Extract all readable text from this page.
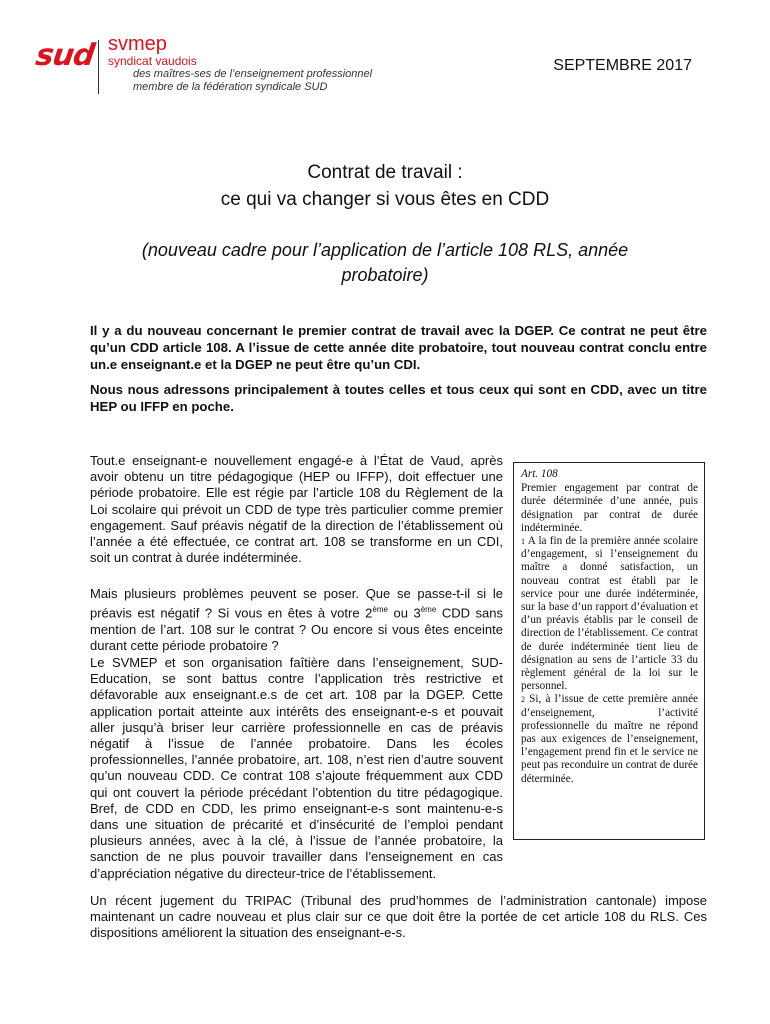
sud svmep
syndicat vaudois
des maîtres-ses de l’enseignement professionnel
membre de la fédération syndicale SUD
SEPTEMBRE 2017
Contrat de travail :
ce qui va changer si vous êtes en CDD
(nouveau cadre pour l’application de l’article 108 RLS, année probatoire)

Il y a du nouveau concernant le premier contrat de travail avec la DGEP. Ce contrat ne peut être qu’un CDD article 108. A l’issue de cette année dite probatoire, tout nouveau contrat conclu entre un.e enseignant.e et la DGEP ne peut être qu’un CDI.

Nous nous adressons principalement à toutes celles et tous ceux qui sont en CDD, avec un titre HEP ou IFFP en poche.

Tout.e enseignant-e nouvellement engagé-e à l’État de Vaud, après avoir obtenu un titre pédagogique (HEP ou IFFP), doit effectuer une période probatoire. Elle est régie par l’article 108 du Règlement de la Loi scolaire qui prévoit un CDD de type très particulier comme premier engagement. Sauf préavis négatif de la direction de l’établissement où l’année a été effectuée, ce contrat art. 108 se transforme en un CDI, soit un contrat à durée indéterminée.

Mais plusieurs problèmes peuvent se poser. Que se passe-t-il si le préavis est négatif ? Si vous en êtes à votre 2ème ou 3ème CDD sans mention de l’art. 108 sur le contrat ? Ou encore si vous êtes enceinte durant cette période probatoire ?

Le SVMEP et son organisation faîtière dans l’enseignement, SUD-Education, se sont battus contre l’application très restrictive et défavorable aux enseignant.e.s de cet art. 108 par la DGEP. Cette application portait atteinte aux intérêts des enseignant-e-s et pouvait aller jusqu’à briser leur carrière professionnelle en cas de préavis négatif à l’issue de l’année probatoire. Dans les écoles professionnelles, l’année probatoire, art. 108, n’est rien d’autre souvent qu’un nouveau CDD. Ce contrat 108 s’ajoute fréquemment aux CDD qui ont couvert la période précédant l’obtention du titre pédagogique. Bref, de CDD en CDD, les primo enseignant-e-s sont maintenu-e-s dans une situation de précarité et d’insécurité de l’emploi pendant plusieurs années, avec à la clé, à l’issue de l’année probatoire, la sanction de ne plus pouvoir travailler dans l’enseignement en cas d’appréciation négative du directeur-trice de l’établissement.

Un récent jugement du TRIPAC (Tribunal des prud’hommes de l’administration cantonale) impose maintenant un cadre nouveau et plus clair sur ce que doit être la portée de cet article 108 du RLS. Ces dispositions améliorent la situation des enseignant-e-s.

Art. 108

Premier engagement par contrat de durée déterminée d’une année, puis désignation par contrat de durée indéterminée.

1 A la fin de la première année scolaire d’engagement, si l’enseignement du maître a donné satisfaction, un nouveau contrat est établi par le service pour une durée indéterminée, sur la base d’un rapport d’évaluation et d’un préavis établis par le conseil de direction de l’établissement. Ce contrat de durée indéterminée tient lieu de désignation au sens de l’article 33 du règlement général de la loi sur le personnel.

2 Si, à l’issue de cette première année d’enseignement, l’activité professionnelle du maître ne répond pas aux exigences de l’enseignement, l’engagement prend fin et le service ne peut pas reconduire un contrat de durée déterminée.
